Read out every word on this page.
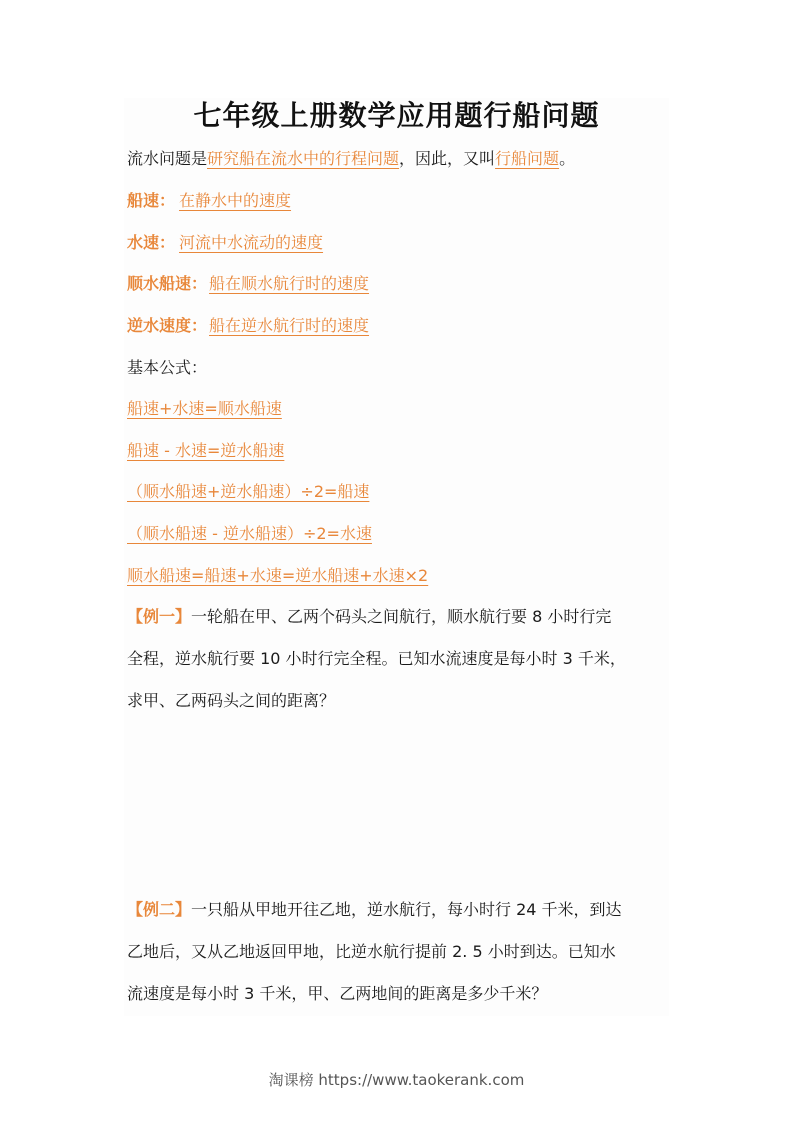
七年级上册数学应用题行船问题
流水问题是研究船在流水中的行程问题，因此，又叫行船问题。
船速： 在静水中的速度
水速： 河流中水流动的速度
顺水船速： 船在顺水航行时的速度
逆水速度： 船在逆水航行时的速度
基本公式：
船速+水速=顺水船速
船速 - 水速=逆水船速
（顺水船速+逆水船速）÷2=船速
（顺水船速 - 逆水船速）÷2=水速
顺水船速=船速+水速=逆水船速+水速×2
【例一】一轮船在甲、乙两个码头之间航行，顺水航行要 8 小时行完
全程，逆水航行要 10 小时行完全程。已知水流速度是每小时 3 千米，
求甲、乙两码头之间的距离？
【例二】一只船从甲地开往乙地，逆水航行，每小时行 24 千米，到达
乙地后，又从乙地返回甲地，比逆水航行提前 2. 5 小时到达。已知水
流速度是每小时 3 千米，甲、乙两地间的距离是多少千米？
淘课榜 https://www.taokerank.com
